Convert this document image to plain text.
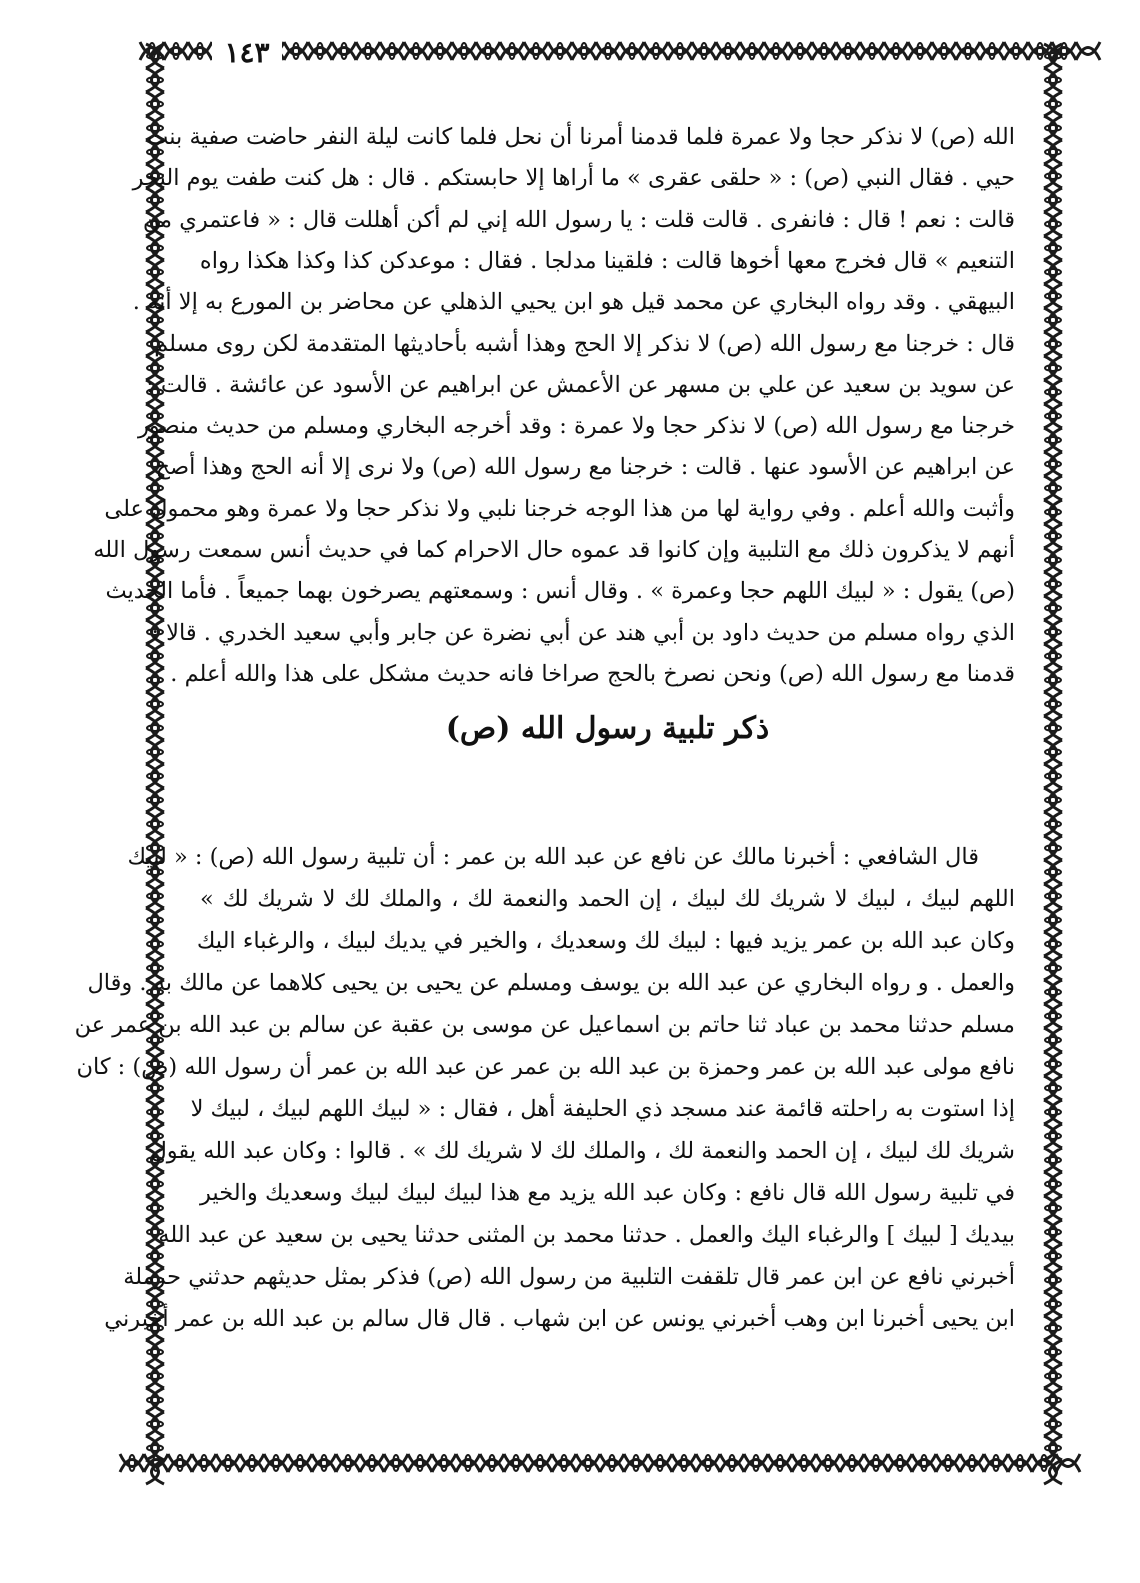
١٤٣
الله (ص) لا نذكر حجا ولا عمرة فلما قدمنا أمرنا أن نحل فلما كانت ليلة النفر حاضت صفية بنت
حيي . فقال النبي (ص) : « حلقى عقرى » ما أراها إلا حابستكم . قال : هل كنت طفت يوم النحر
قالت : نعم ! قال : فانفرى . قالت قلت : يا رسول الله إني لم أكن أهللت قال : « فاعتمري من
التنعيم » قال فخرج معها أخوها قالت : فلقينا مدلجا . فقال : موعدكن كذا وكذا هكذا رواه
البيهقي . وقد رواه البخاري عن محمد قيل هو ابن يحيي الذهلي عن محاضر بن المورع به إلا أنه .
قال : خرجنا مع رسول الله (ص) لا نذكر إلا الحج وهذا أشبه بأحاديثها المتقدمة لكن روى مسلم
عن سويد بن سعيد عن علي بن مسهر عن الأعمش عن ابراهيم عن الأسود عن عائشة . قالت :
خرجنا مع رسول الله (ص) لا نذكر حجا ولا عمرة : وقد أخرجه البخاري ومسلم من حديث منصور
عن ابراهيم عن الأسود عنها . قالت : خرجنا مع رسول الله (ص) ولا نرى إلا أنه الحج وهذا أصح
وأثبت والله أعلم . وفي رواية لها من هذا الوجه خرجنا نلبي ولا نذكر حجا ولا عمرة وهو محمول على
أنهم لا يذكرون ذلك مع التلبية وإن كانوا قد عموه حال الاحرام كما في حديث أنس سمعت رسول الله
(ص) يقول : « لبيك اللهم حجا وعمرة » . وقال أنس : وسمعتهم يصرخون بهما جميعاً . فأما الحديث
الذي رواه مسلم من حديث داود بن أبي هند عن أبي نضرة عن جابر وأبي سعيد الخدري . قالا :
قدمنا مع رسول الله (ص) ونحن نصرخ بالحج صراخا فانه حديث مشكل على هذا والله أعلم .
قال الشافعي : أخبرنا مالك عن نافع عن عبد الله بن عمر : أن تلبية رسول الله (ص) : « لبيك
اللهم لبيك ، لبيك لا شريك لك لبيك ، إن الحمد والنعمة لك ، والملك لك لا شريك لك »
وكان عبد الله بن عمر يزيد فيها : لبيك لك وسعديك ، والخير في يديك لبيك ، والرغباء اليك
والعمل . و رواه البخاري عن عبد الله بن يوسف ومسلم عن يحيى بن يحيى كلاهما عن مالك به . وقال
مسلم حدثنا محمد بن عباد ثنا حاتم بن اسماعيل عن موسى بن عقبة عن سالم بن عبد الله بن عمر عن
نافع مولى عبد الله بن عمر وحمزة بن عبد الله بن عمر عن عبد الله بن عمر أن رسول الله (ص) : كان
إذا استوت به راحلته قائمة عند مسجد ذي الحليفة أهل ، فقال : « لبيك اللهم لبيك ، لبيك لا
شريك لك لبيك ، إن الحمد والنعمة لك ، والملك لك لا شريك لك » . قالوا : وكان عبد الله يقول
في تلبية رسول الله قال نافع : وكان عبد الله يزيد مع هذا لبيك لبيك لبيك وسعديك والخير
بيديك [ لبيك ] والرغباء اليك والعمل . حدثنا محمد بن المثنى حدثنا يحيى بن سعيد عن عبد الله
أخبرني نافع عن ابن عمر قال تلقفت التلبية من رسول الله (ص) فذكر بمثل حديثهم حدثني حرملة
ابن يحيى أخبرنا ابن وهب أخبرني يونس عن ابن شهاب . قال قال سالم بن عبد الله بن عمر أخبرني
ذكر تلبية رسول الله (ص)
